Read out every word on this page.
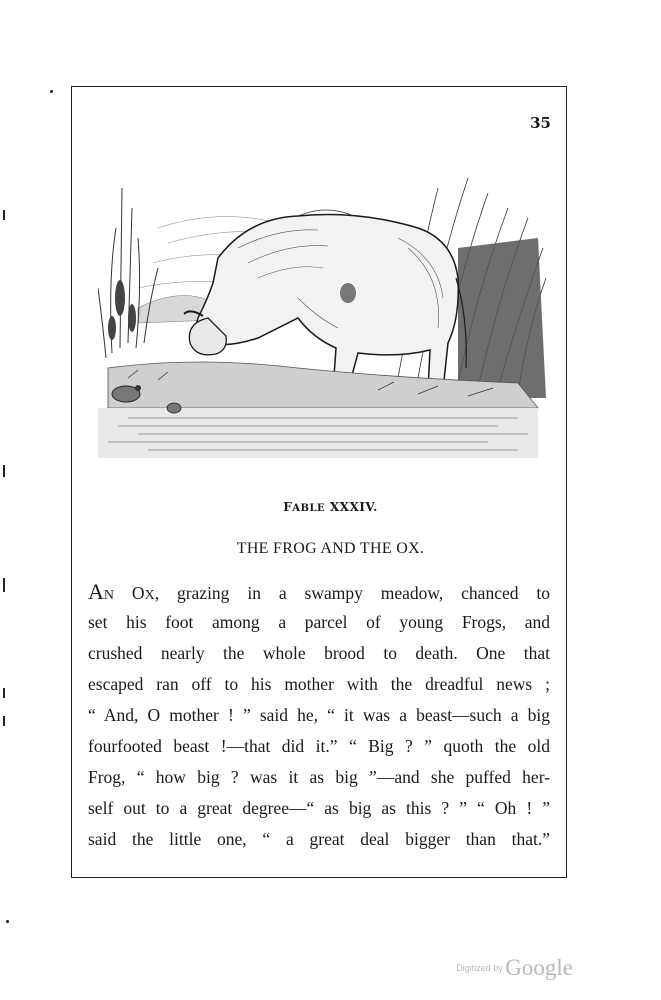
35
FABLE XXXIV.
THE FROG AND THE OX.
AN OX, grazing in a swampy meadow, chanced to
set his foot among a parcel of young Frogs, and
crushed nearly the whole brood to death. One that
escaped ran off to his mother with the dreadful news ;
“ And, O mother ! ” said he, “ it was a beast—such a big
fourfooted beast !—that did it.” “ Big ? ” quoth the old
Frog, “ how big ? was it as big ”—and she puffed her-
self out to a great degree—“ as big as this ? ” “ Oh ! ”
said the little one, “ a great deal bigger than that.”
Digitized by Google
